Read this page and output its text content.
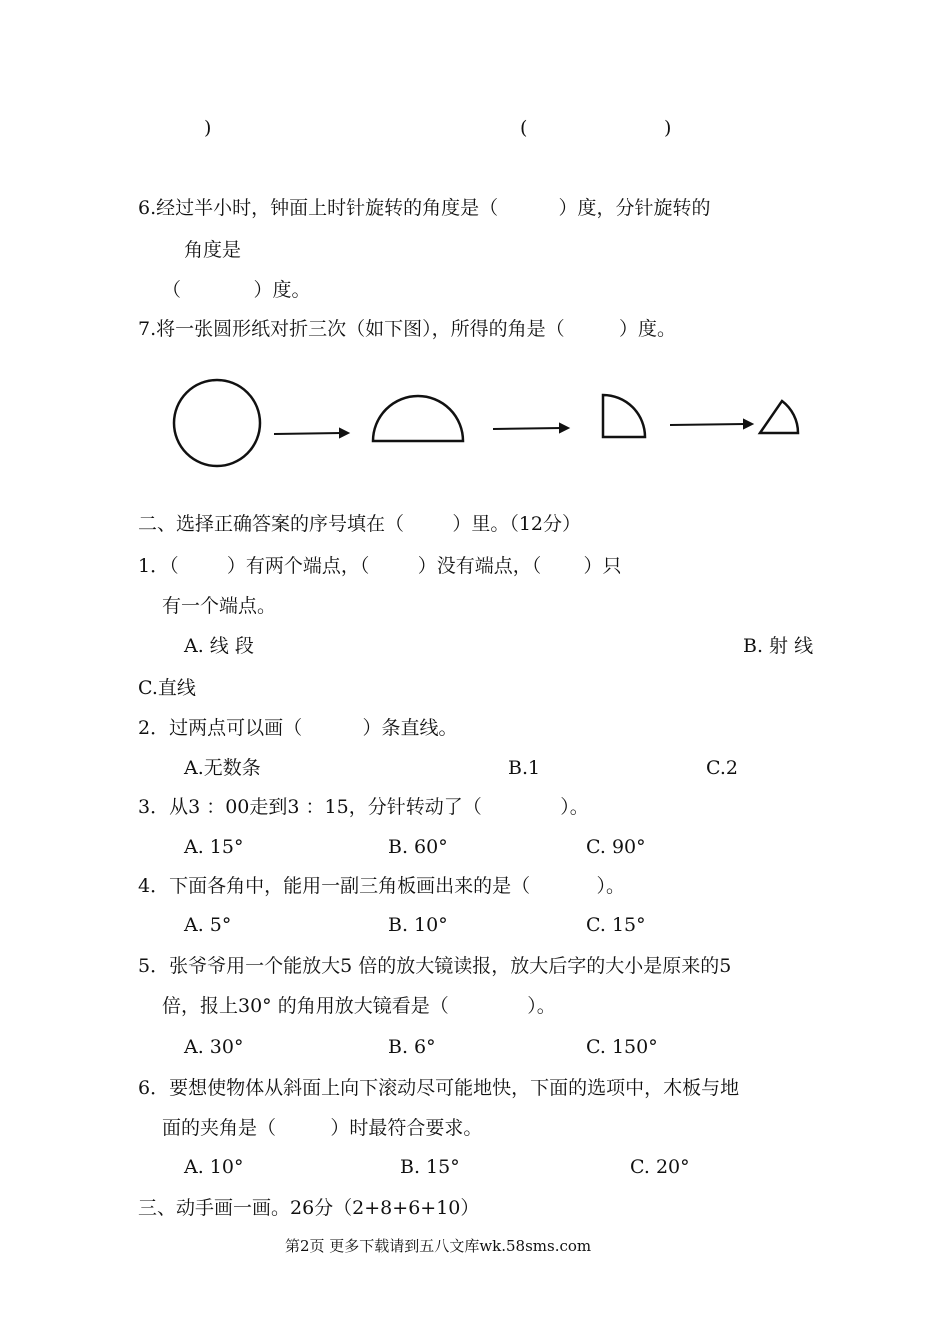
)	(	)
6.经过半小时，钟面上时针旋转的角度是（          ）度，分针旋转的
角度是
（            ）度。
7.将一张圆形纸对折三次（如下图），所得的角是（         ）度。
二、选择正确答案的序号填在（        ）里。（12分）
1．（        ）有两个端点，（        ）没有端点，（       ）只
有一个端点。
A. 线 段	B. 射 线
C.直线
2．过两点可以画（          ）条直线。
A.无数条	B.1	C.2
3．从3 ：00走到3 ：15，分针转动了（             ）。
A. 15°	B. 60°	C. 90°
4．下面各角中，能用一副三角板画出来的是（           ）。
A. 5°	B. 10°	C. 15°
5．张爷爷用一个能放大5 倍的放大镜读报，放大后字的大小是原来的5
倍，报上30° 的角用放大镜看是（             ）。
A. 30°	B. 6°	C. 150°
6．要想使物体从斜面上向下滚动尽可能地快，下面的选项中，木板与地
面的夹角是（         ）时最符合要求。
A. 10°	B. 15°	C. 20°
三、动手画一画。26分（2+8+6+10）
第2页 更多下载请到五八文库wk.58sms.com
